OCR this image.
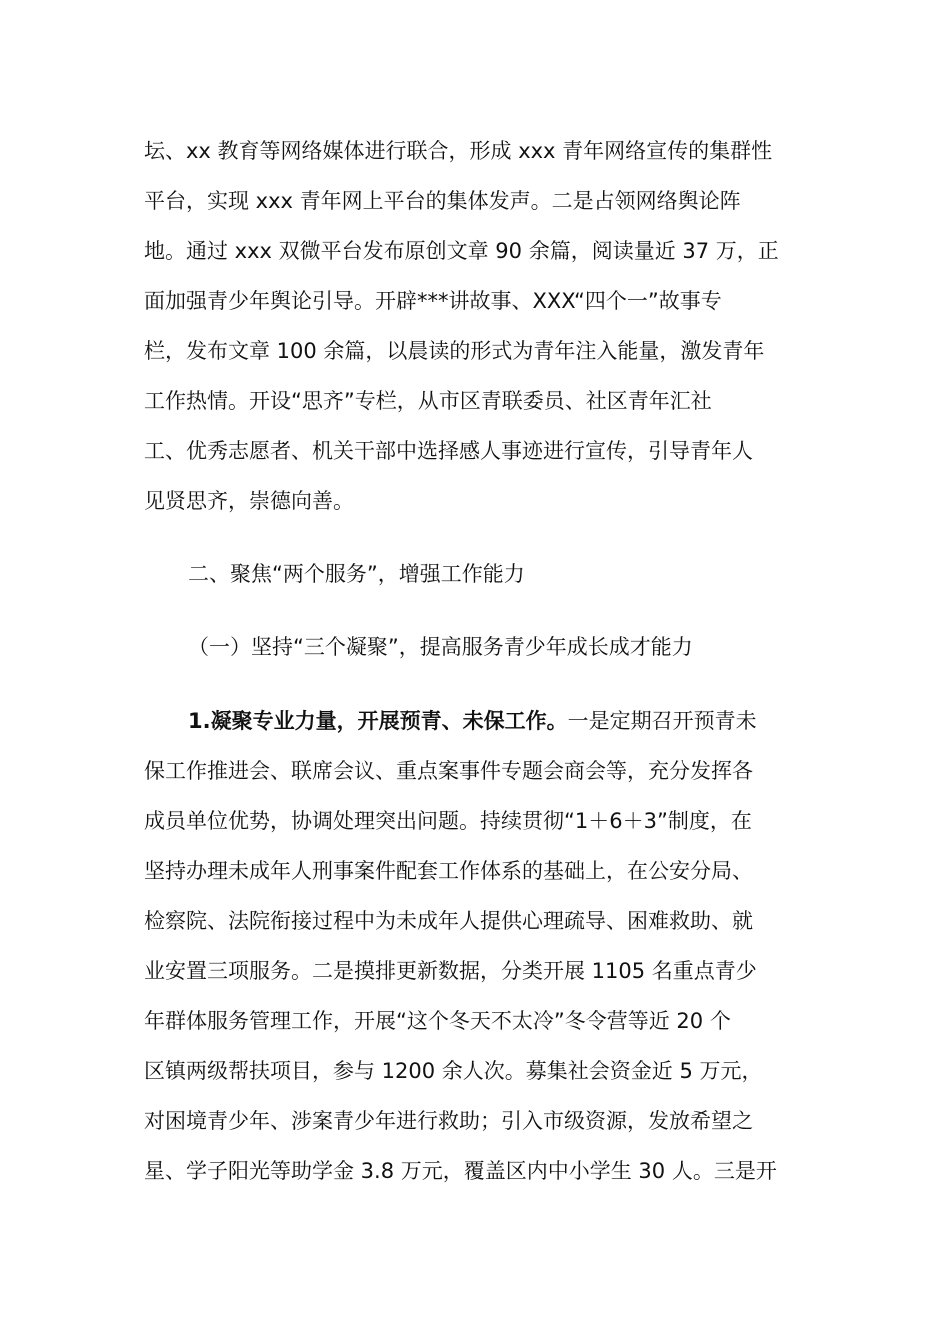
坛、xx 教育等网络媒体进行联合，形成 xxx 青年网络宣传的集群性
平台，实现 xxx 青年网上平台的集体发声。二是占领网络舆论阵
地。通过 xxx 双微平台发布原创文章 90 余篇，阅读量近 37 万，正
面加强青少年舆论引导。开辟***讲故事、XXX“四个一”故事专
栏，发布文章 100 余篇，以晨读的形式为青年注入能量，激发青年
工作热情。开设“思齐”专栏，从市区青联委员、社区青年汇社
工、优秀志愿者、机关干部中选择感人事迹进行宣传，引导青年人
见贤思齐，崇德向善。
二、聚焦“两个服务”，增强工作能力
（一）坚持“三个凝聚”，提高服务青少年成长成才能力
1.凝聚专业力量，开展预青、未保工作。一是定期召开预青未
保工作推进会、联席会议、重点案事件专题会商会等，充分发挥各
成员单位优势，协调处理突出问题。持续贯彻“1＋6＋3”制度，在
坚持办理未成年人刑事案件配套工作体系的基础上，在公安分局、
检察院、法院衔接过程中为未成年人提供心理疏导、困难救助、就
业安置三项服务。二是摸排更新数据，分类开展 1105 名重点青少
年群体服务管理工作，开展“这个冬天不太冷”冬令营等近 20 个
区镇两级帮扶项目，参与 1200 余人次。募集社会资金近 5 万元，
对困境青少年、涉案青少年进行救助；引入市级资源，发放希望之
星、学子阳光等助学金 3.8 万元，覆盖区内中小学生 30 人。三是开
